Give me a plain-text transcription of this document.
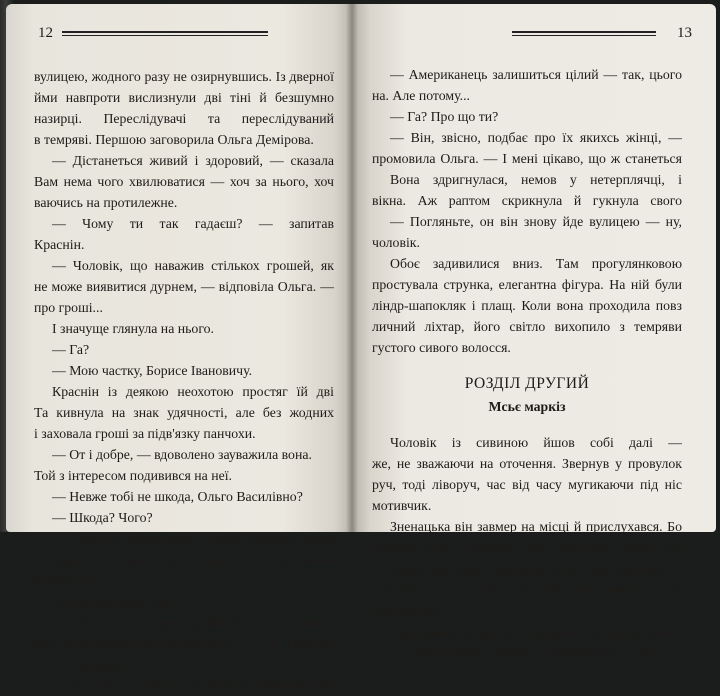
12
вулицею, жодного разу не озирнувшись. Із дверної
йми навпроти вислизнули дві тіні й безшумно
назирці. Переслідувачі та переслідуваний
в темряві. Першою заговорила Ольга Демірова.
— Дістанеться живий і здоровий, — сказала
Вам нема чого хвилюватися — хоч за нього, хоч
ваючись на протилежне.
— Чому ти так гадаєш? — запитав
Краснін.
— Чоловік, що наважив стількох грошей, як
не може виявитися дурнем, — відповіла Ольга. —
про гроші...
І значуще глянула на нього.
— Га?
— Мою частку, Борисе Івановичу.
Краснін із деякою неохотою простяг їй дві
Та кивнула на знак удячності, але без жодних
і заховала гроші за підв'язку панчохи.
— От і добре, — вдоволено зауважила вона.
Той з інтересом подивився на неї.
— Невже тобі не шкода, Ольго Василівно?
— Шкода? Чого?
— Того, що зберігалося у тебе. Бувають жінки
і, гадаю, їх більшість, — які від таких речей
жеволіють.
Та в задумі кивнула.
— Так, тут ви маєте рацію. Більшість жінок
ють глузд через них голову. Але я — ні. Мені от
— і змовкла.
— Ну-ну? — зацікавлено запитав співрозмовник.
13
— Американець залишиться цілий — так, цього
на. Але потому...
— Га? Про що ти?
— Він, звісно, подбає про їх якихсь жінці, —
промовила Ольга. — І мені цікаво, що ж станеться
Вона здригнулася, немов у нетерплячці, і
вікна. Аж раптом скрикнула й гукнула свого
— Погляньте, он він знову йде вулицею — ну,
чоловік.
Обоє задивилися вниз. Там прогулянковою
простувала стрункa, елегантна фігура. На ній були
ліндр-шапокляк і плащ. Коли вона проходила повз
личний ліхтар, його світло вихопило з темряви
густого сивого волосся.
РОЗДІЛ ДРУГИЙ
Мсьє маркіз
Чоловік із сивиною йшов собі далі —
же, не зважаючи на оточення. Звернув у провулок
руч, тоді ліворуч, час від часу мугикаючи під ніс
мотивчик.
Зненацька він завмер на місці й прислухався. Бо
певний звук. Неначе десь лопнула шина чи,
стріляли. На якусь хвильку його губи склалися в
посмішку. А відтак чоловік продовжив свою
прогулянку.
Звернувши за ріг, він натрапив на сцену якоїсь
сті: представник закону занотовував щось у
